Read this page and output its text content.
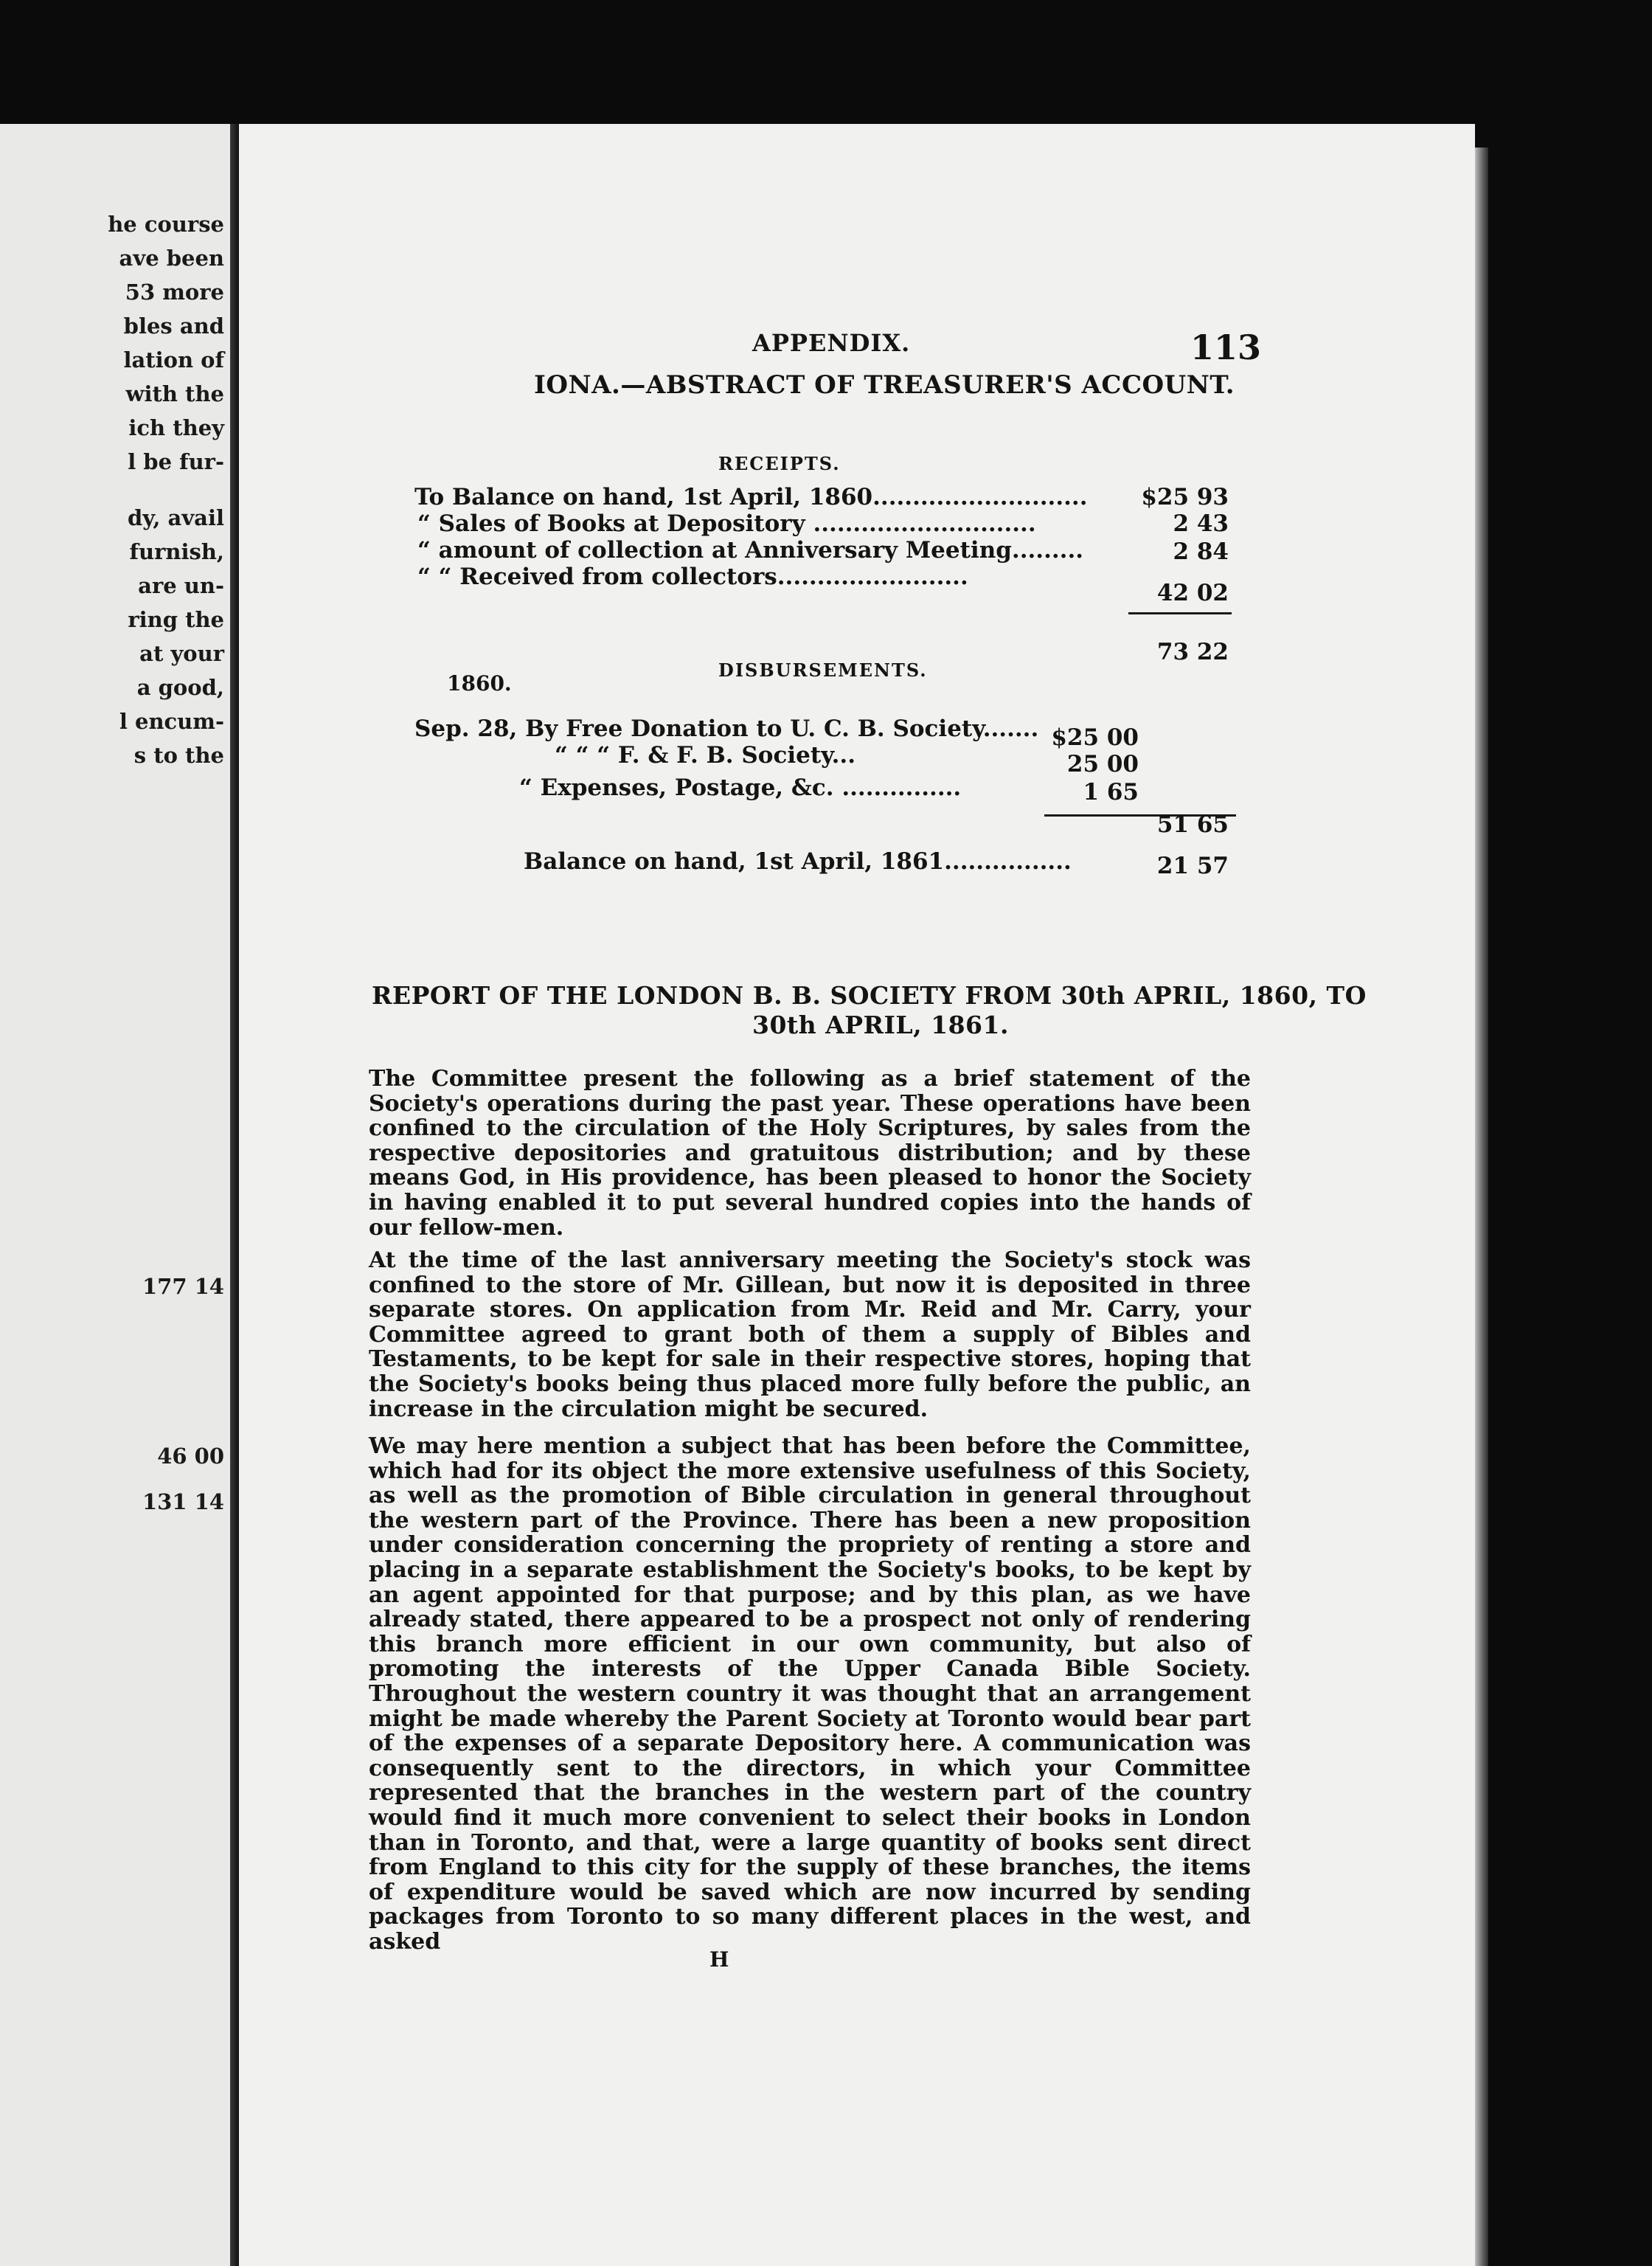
he course
ave been
53 more
bles and
lation of
with the
ich they
l be fur-
dy, avail
furnish,
are un-
ring the
at your
a good,
l encum-
s to the
177 14
46 00
131 14
APPENDIX.	113
IONA.—ABSTRACT OF TREASURER'S ACCOUNT.
RECEIPTS.
To Balance on hand, 1st April, 1860...........................	$25 93
“ Sales of Books at Depository ............................	2 43
“ amount of collection at Anniversary Meeting.........	2 84
“ “ Received from collectors........................
42 02
73 22
DISBURSEMENTS.
1860.
Sep. 28, By Free Donation to U. C. B. Society....... $25 00
“ “ “ F. & F. B. Society...	25 00
“ Expenses, Postage, &c. ...............	1 65
51 65
Balance on hand, 1st April, 1861................	21 57
REPORT OF THE LONDON B. B. SOCIETY FROM 30th APRIL, 1860, TO
30th APRIL, 1861.

The Committee present the following as a brief statement of the Society's operations during the past year. These operations have been confined to the circulation of the Holy Scriptures, by sales from the respective depositories and gratuitous distribution; and by these means God, in His providence, has been pleased to honor the Society in having enabled it to put several hundred copies into the hands of our fellow-men.

At the time of the last anniversary meeting the Society's stock was confined to the store of Mr. Gillean, but now it is deposited in three separate stores. On application from Mr. Reid and Mr. Carry, your Committee agreed to grant both of them a supply of Bibles and Testaments, to be kept for sale in their respective stores, hoping that the Society's books being thus placed more fully before the public, an increase in the circulation might be secured.

We may here mention a subject that has been before the Committee, which had for its object the more extensive usefulness of this Society, as well as the promotion of Bible circulation in general throughout the western part of the Province. There has been a new proposition under consideration concerning the propriety of renting a store and placing in a separate establishment the Society's books, to be kept by an agent appointed for that purpose; and by this plan, as we have already stated, there appeared to be a prospect not only of rendering this branch more efficient in our own community, but also of promoting the interests of the Upper Canada Bible Society. Throughout the western country it was thought that an arrangement might be made whereby the Parent Society at Toronto would bear part of the expenses of a separate Depository here. A communication was consequently sent to the directors, in which your Committee represented that the branches in the western part of the country would find it much more convenient to select their books in London than in Toronto, and that, were a large quantity of books sent direct from England to this city for the supply of these branches, the items of expenditure would be saved which are now incurred by sending packages from Toronto to so many different places in the west, and asked

H
